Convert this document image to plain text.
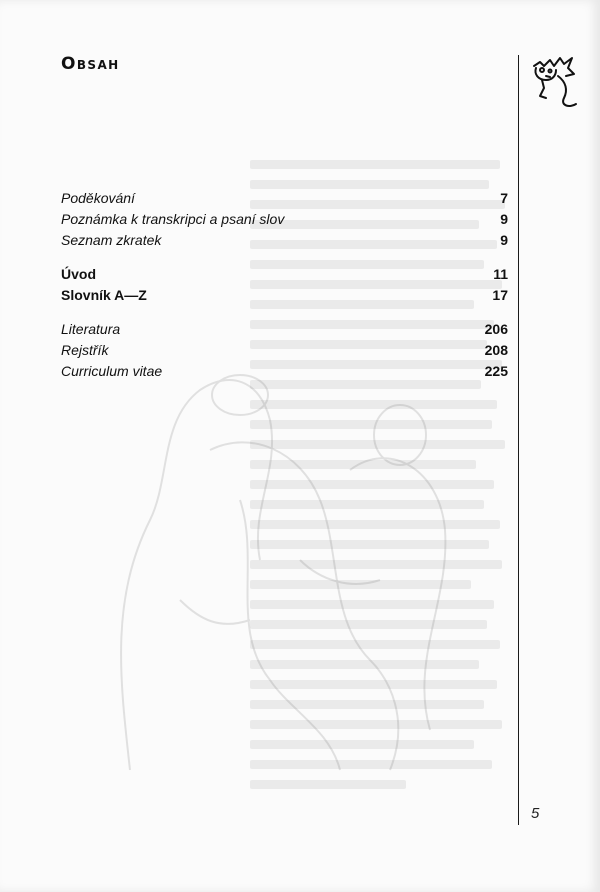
Obsah
Poděkování	7
Poznámka k transkripci a psaní slov	9
Seznam zkratek	9
Úvod	11
Slovník A—Z	17
Literatura	206
Rejstřík	208
Curriculum vitae	225
5
